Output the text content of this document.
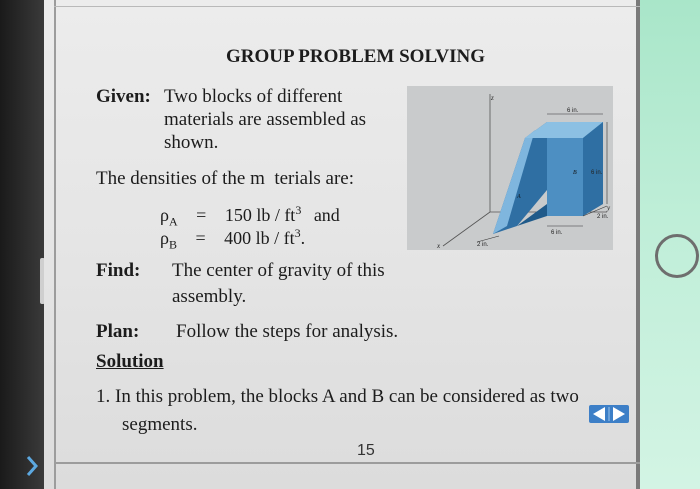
GROUP PROBLEM SOLVING
Given: Two blocks of different
materials are assembled as
shown.
The densities of the m  terials are:
$\rho_A = 150$ lb / $ft^3$ and
$\rho_B = 400$ lb / $ft^3$.
Find: The center of gravity of this
assembly.
Plan: Follow the steps for analysis.
Solution
1. In this problem, the blocks A and B can be considered as two
segments.
z
x
y
6 in.
6 in.
6 in.
2 in.
2 in.
A
B
15
